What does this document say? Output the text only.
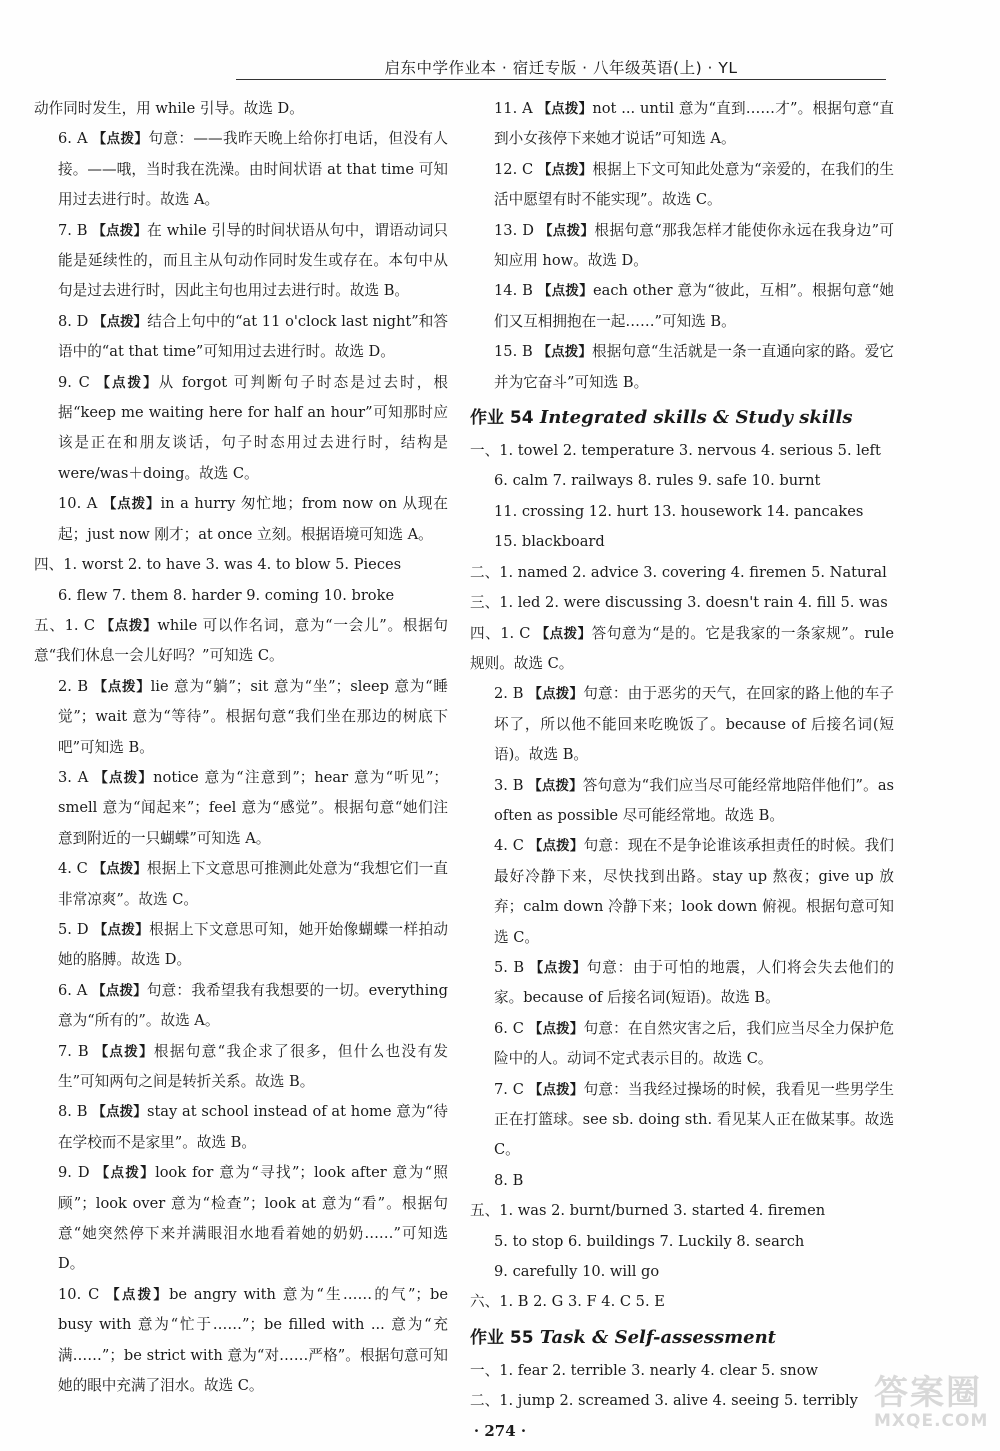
启东中学作业本 · 宿迁专版 · 八年级英语(上) · YL

动作同时发生，用 while 引导。故选 D。

6. A 【点拨】句意：——我昨天晚上给你打电话，但没有人接。——哦，当时我在洗澡。由时间状语 at that time 可知用过去进行时。故选 A。

7. B 【点拨】在 while 引导的时间状语从句中，谓语动词只能是延续性的，而且主从句动作同时发生或存在。本句中从句是过去进行时，因此主句也用过去进行时。故选 B。

8. D 【点拨】结合上句中的“at 11 o'clock last night”和答语中的“at that time”可知用过去进行时。故选 D。

9. C 【点拨】从 forgot 可判断句子时态是过去时，根据“keep me waiting here for half an hour”可知那时应该是正在和朋友谈话，句子时态用过去进行时，结构是 were/was＋doing。故选 C。

10. A 【点拨】in a hurry 匆忙地；from now on 从现在起；just now 刚才；at once 立刻。根据语境可知选 A。

四、1. worst 2. to have 3. was 4. to blow 5. Pieces

6. flew 7. them 8. harder 9. coming 10. broke

五、1. C 【点拨】while 可以作名词，意为“一会儿”。根据句意“我们休息一会儿好吗？”可知选 C。

2. B 【点拨】lie 意为“躺”；sit 意为“坐”；sleep 意为“睡觉”；wait 意为“等待”。根据句意“我们坐在那边的树底下吧”可知选 B。

3. A 【点拨】notice 意为“注意到”；hear 意为“听见”；smell 意为“闻起来”；feel 意为“感觉”。根据句意“她们注意到附近的一只蝴蝶”可知选 A。

4. C 【点拨】根据上下文意思可推测此处意为“我想它们一直非常凉爽”。故选 C。

5. D 【点拨】根据上下文意思可知，她开始像蝴蝶一样拍动她的胳膊。故选 D。

6. A 【点拨】句意：我希望我有我想要的一切。everything 意为“所有的”。故选 A。

7. B 【点拨】根据句意“我企求了很多，但什么也没有发生”可知两句之间是转折关系。故选 B。

8. B 【点拨】stay at school instead of at home 意为“待在学校而不是家里”。故选 B。

9. D 【点拨】look for 意为“寻找”；look after 意为“照顾”；look over 意为“检查”；look at 意为“看”。根据句意“她突然停下来并满眼泪水地看着她的奶奶……”可知选 D。

10. C 【点拨】be angry with 意为“生……的气”；be busy with 意为“忙于……”；be filled with ... 意为“充满……”；be strict with 意为“对……严格”。根据句意可知她的眼中充满了泪水。故选 C。

11. A 【点拨】not ... until 意为“直到……才”。根据句意“直到小女孩停下来她才说话”可知选 A。

12. C 【点拨】根据上下文可知此处意为“亲爱的，在我们的生活中愿望有时不能实现”。故选 C。

13. D 【点拨】根据句意“那我怎样才能使你永远在我身边”可知应用 how。故选 D。

14. B 【点拨】each other 意为“彼此，互相”。根据句意“她们又互相拥抱在一起……”可知选 B。

15. B 【点拨】根据句意“生活就是一条一直通向家的路。爱它并为它奋斗”可知选 B。

作业 54 Integrated skills & Study skills

一、1. towel 2. temperature 3. nervous 4. serious 5. left

6. calm 7. railways 8. rules 9. safe 10. burnt

11. crossing 12. hurt 13. housework 14. pancakes

15. blackboard

二、1. named 2. advice 3. covering 4. firemen 5. Natural

三、1. led 2. were discussing 3. doesn't rain 4. fill 5. was

四、1. C 【点拨】答句意为“是的。它是我家的一条家规”。rule 规则。故选 C。

2. B 【点拨】句意：由于恶劣的天气，在回家的路上他的车子坏了，所以他不能回来吃晚饭了。because of 后接名词(短语)。故选 B。

3. B 【点拨】答句意为“我们应当尽可能经常地陪伴他们”。as often as possible 尽可能经常地。故选 B。

4. C 【点拨】句意：现在不是争论谁该承担责任的时候。我们最好冷静下来，尽快找到出路。stay up 熬夜；give up 放弃；calm down 冷静下来；look down 俯视。根据句意可知选 C。

5. B 【点拨】句意：由于可怕的地震，人们将会失去他们的家。because of 后接名词(短语)。故选 B。

6. C 【点拨】句意：在自然灾害之后，我们应当尽全力保护危险中的人。动词不定式表示目的。故选 C。

7. C 【点拨】句意：当我经过操场的时候，我看见一些男学生正在打篮球。see sb. doing sth. 看见某人正在做某事。故选 C。

8. B

五、1. was 2. burnt/burned 3. started 4. firemen

5. to stop 6. buildings 7. Luckily 8. search

9. carefully 10. will go

六、1. B 2. G 3. F 4. C 5. E

作业 55 Task & Self-assessment

一、1. fear 2. terrible 3. nearly 4. clear 5. snow

二、1. jump 2. screamed 3. alive 4. seeing 5. terribly

· 274 ·
答案圈
MXQE.COM
